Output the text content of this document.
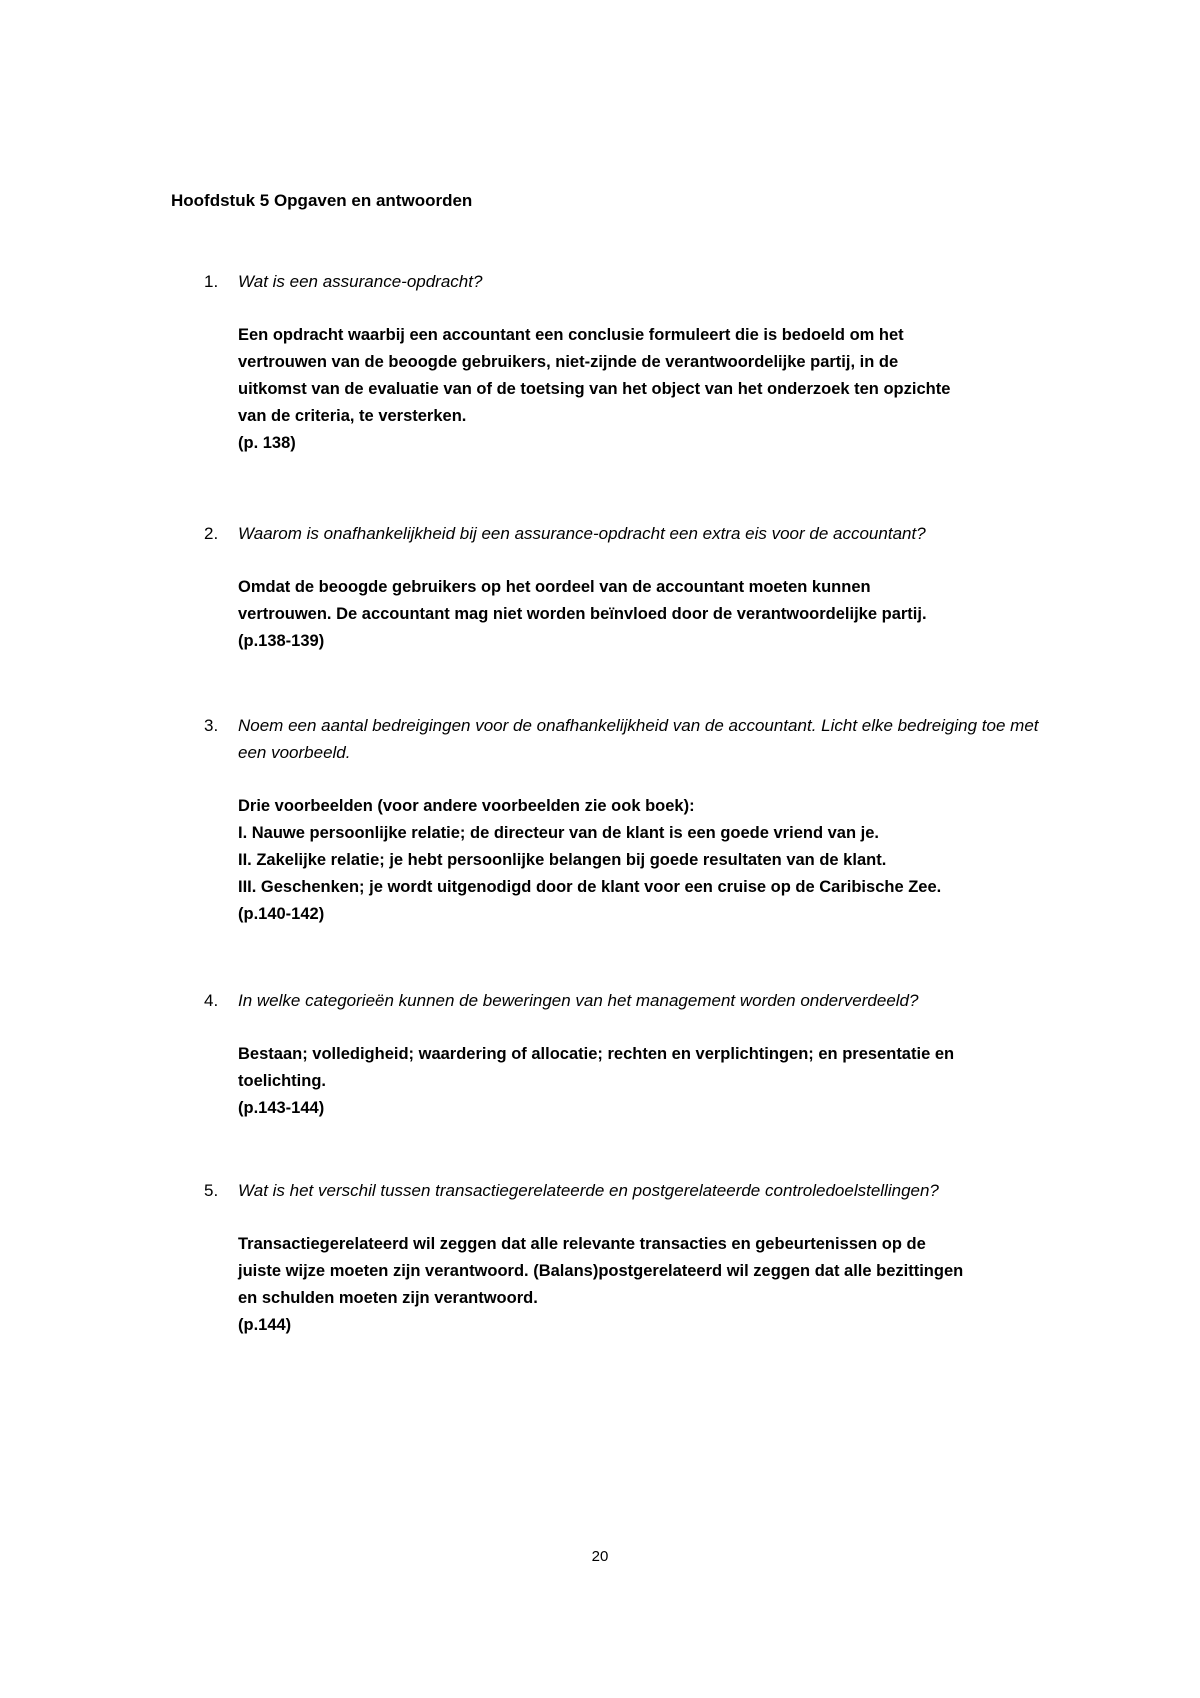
Hoofdstuk 5 Opgaven en antwoorden

1. Wat is een assurance-opdracht?

Een opdracht waarbij een accountant een conclusie formuleert die is bedoeld om het
vertrouwen van de beoogde gebruikers, niet-zijnde de verantwoordelijke partij, in de
uitkomst van de evaluatie van of de toetsing van het object van het onderzoek ten opzichte
van de criteria, te versterken.
(p. 138)

2. Waarom is onafhankelijkheid bij een assurance-opdracht een extra eis voor de accountant?

Omdat de beoogde gebruikers op het oordeel van de accountant moeten kunnen
vertrouwen. De accountant mag niet worden beïnvloed door de verantwoordelijke partij.
(p.138-139)

3. Noem een aantal bedreigingen voor de onafhankelijkheid van de accountant. Licht elke bedreiging toe met een voorbeeld.

Drie voorbeelden (voor andere voorbeelden zie ook boek):
I. Nauwe persoonlijke relatie; de directeur van de klant is een goede vriend van je.
II. Zakelijke relatie; je hebt persoonlijke belangen bij goede resultaten van de klant.
III. Geschenken; je wordt uitgenodigd door de klant voor een cruise op de Caribische Zee.
(p.140-142)

4. In welke categorieën kunnen de beweringen van het management worden onderverdeeld?

Bestaan; volledigheid; waardering of allocatie; rechten en verplichtingen; en presentatie en
toelichting.
(p.143-144)

5. Wat is het verschil tussen transactiegerelateerde en postgerelateerde controledoelstellingen?

Transactiegerelateerd wil zeggen dat alle relevante transacties en gebeurtenissen op de
juiste wijze moeten zijn verantwoord. (Balans)postgerelateerd wil zeggen dat alle bezittingen
en schulden moeten zijn verantwoord.
(p.144)
20
